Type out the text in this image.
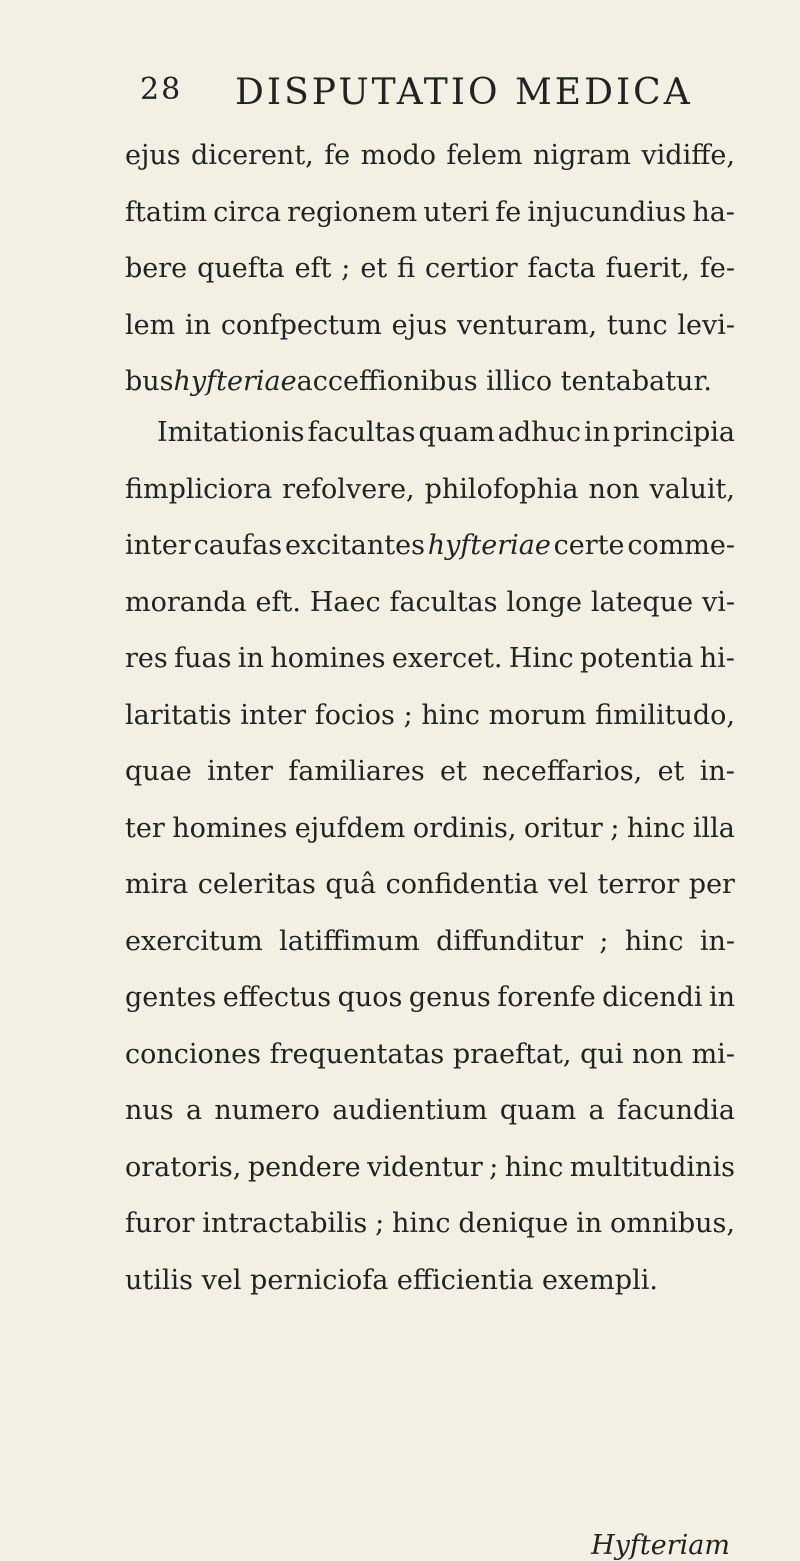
28 DISPUTATIO MEDICA
ejus dicerent, fe modo felem nigram vidiffe,
ftatim circa regionem uteri fe injucundius ha-
bere quefta eft ; et fi certior facta fuerit, fe-
lem in confpectum ejus venturam, tunc levi-
bus hyfteriae acceffionibus illico tentabatur.
Imitationis facultas quam adhuc in principia
fimpliciora refolvere, philofophia non valuit,
inter caufas excitantes hyfteriae certe comme-
moranda eft. Haec facultas longe lateque vi-
res fuas in homines exercet. Hinc potentia hi-
laritatis inter focios ; hinc morum fimilitudo,
quae inter familiares et neceffarios, et in-
ter homines ejufdem ordinis, oritur ; hinc illa
mira celeritas quâ confidentia vel terror per
exercitum latiffimum diffunditur ; hinc in-
gentes effectus quos genus forenfe dicendi in
conciones frequentatas praeftat, qui non mi-
nus a numero audientium quam a facundia
oratoris, pendere videntur ; hinc multitudinis
furor intractabilis ; hinc denique in omnibus,
utilis vel perniciofa efficientia exempli.
Hyfteriam
